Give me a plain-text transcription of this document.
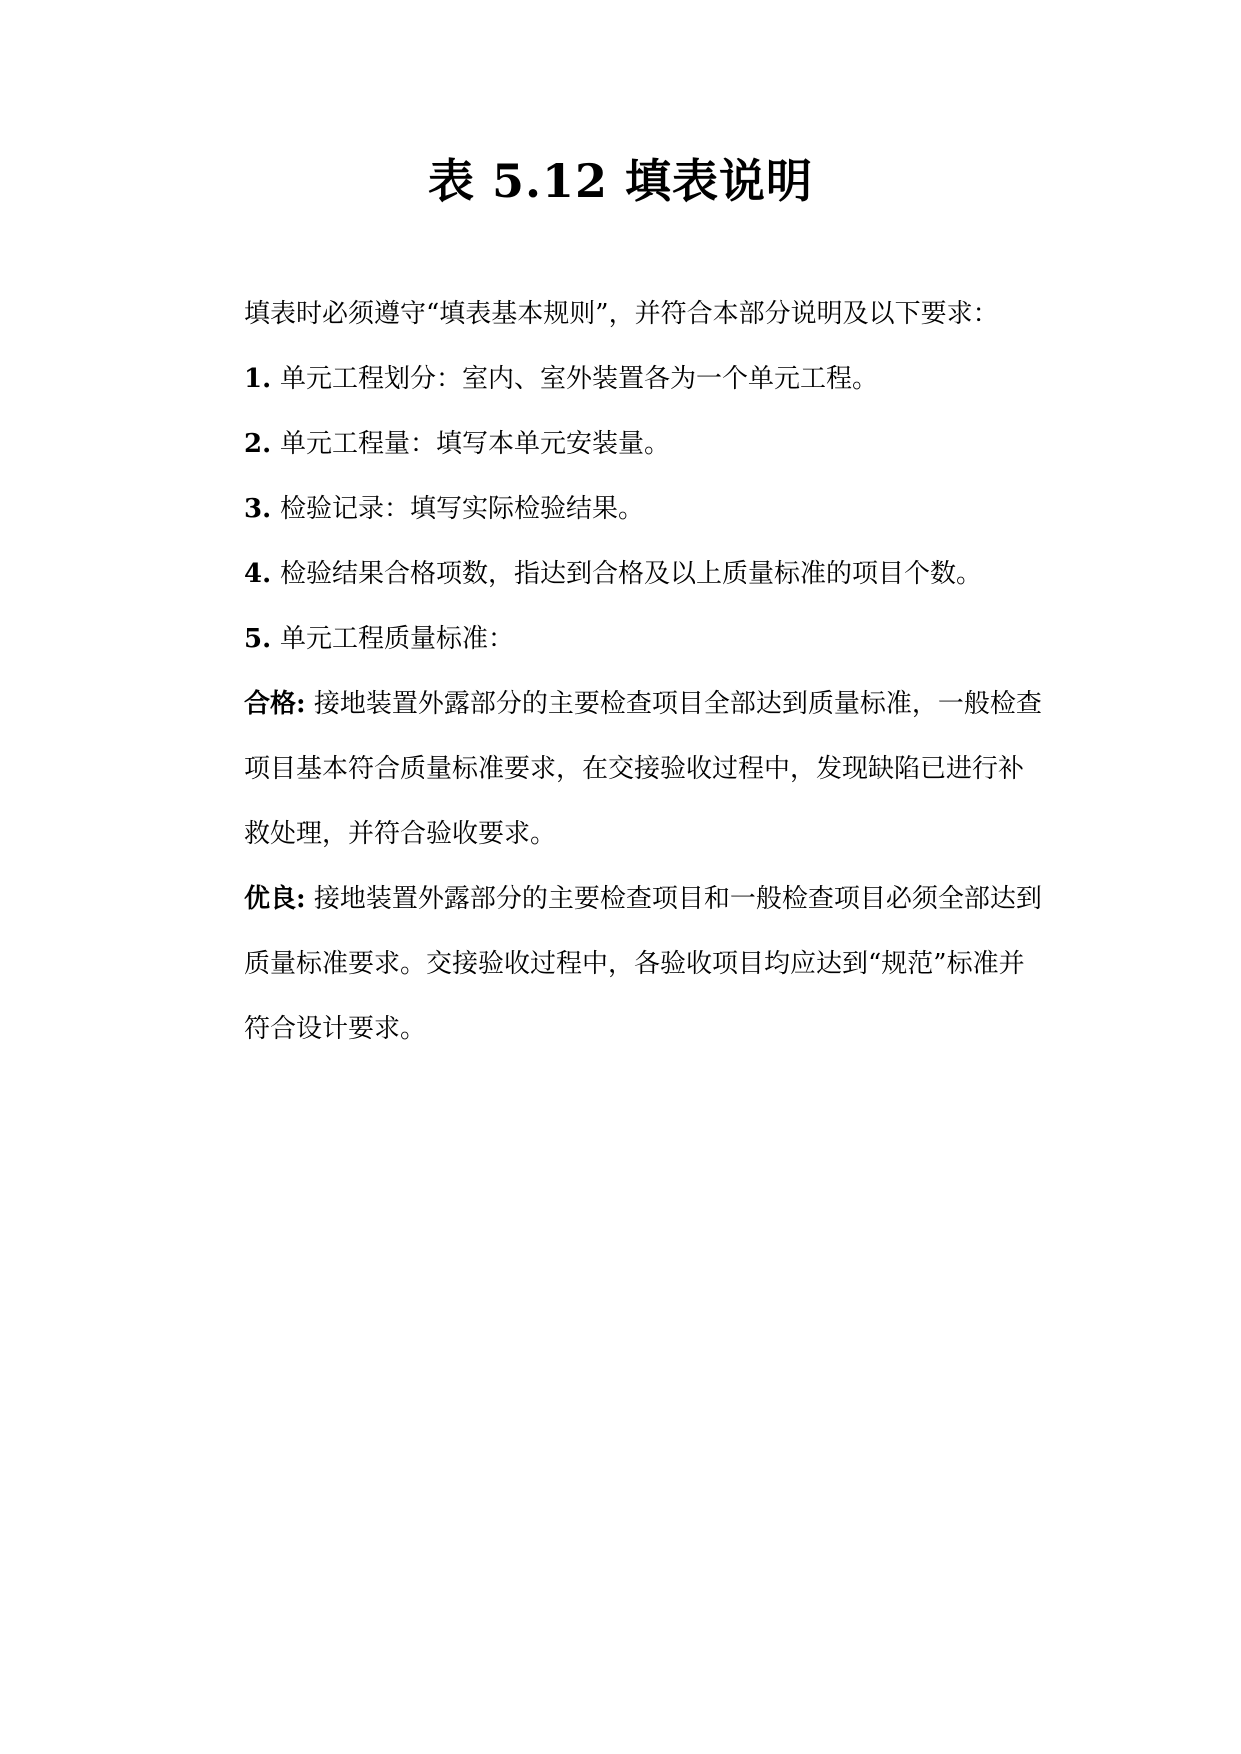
表 5.12 填表说明

填表时必须遵守“填表基本规则”，并符合本部分说明及以下要求：

1. 单元工程划分：室内、室外装置各为一个单元工程。

2. 单元工程量：填写本单元安装量。

3. 检验记录：填写实际检验结果。

4. 检验结果合格项数，指达到合格及以上质量标准的项目个数。

5. 单元工程质量标准：

合格: 接地装置外露部分的主要检查项目全部达到质量标准，一般检查项目基本符合质量标准要求，在交接验收过程中，发现缺陷已进行补救处理，并符合验收要求。

优良: 接地装置外露部分的主要检查项目和一般检查项目必须全部达到质量标准要求。交接验收过程中，各验收项目均应达到“规范”标准并符合设计要求。
